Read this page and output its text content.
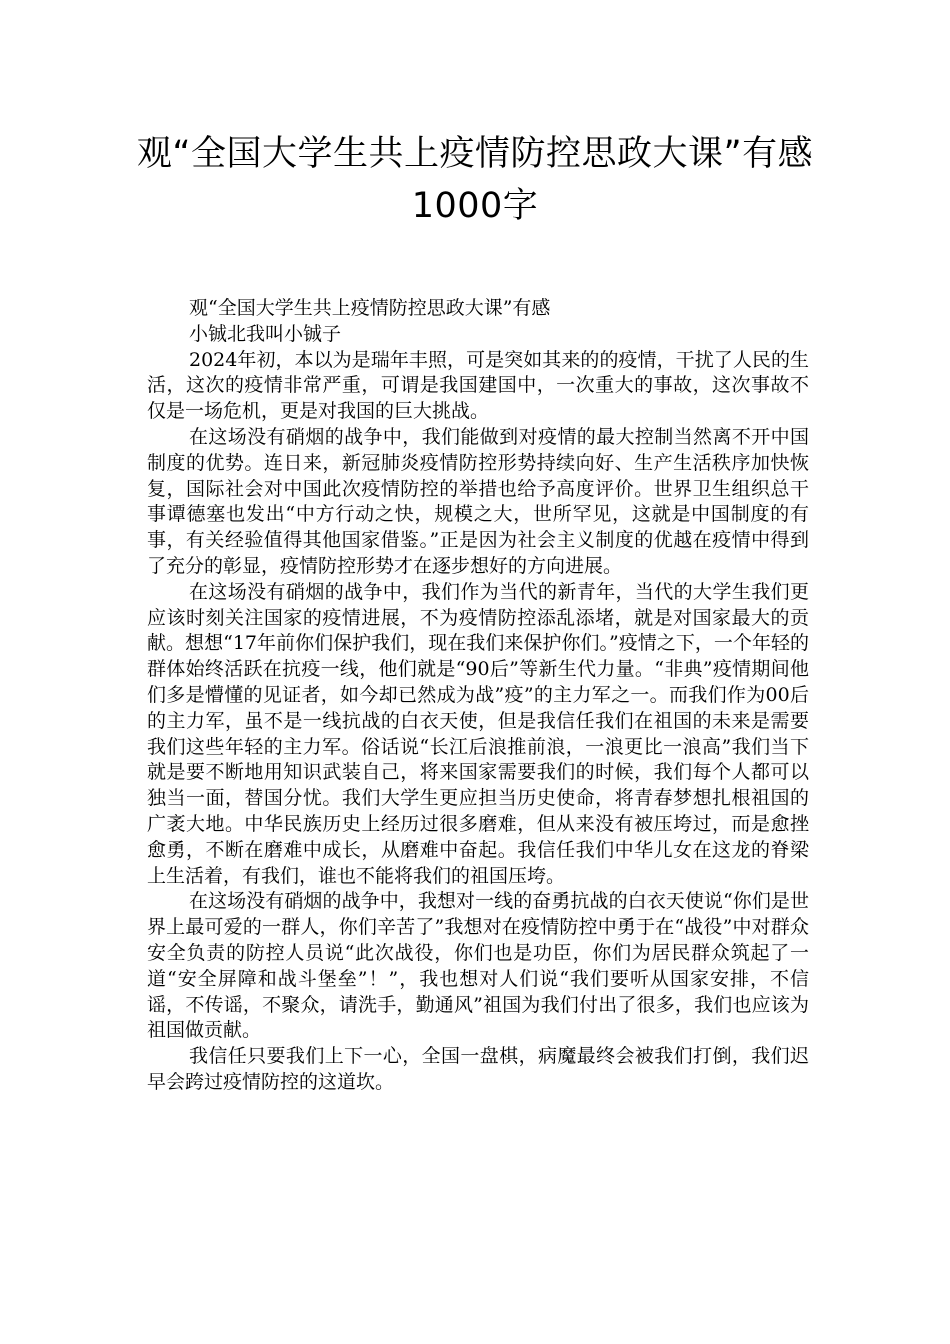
观“全国大学生共上疫情防控思政大课”有感 1000字

观“全国大学生共上疫情防控思政大课”有感

小铖北我叫小铖子

2024年初，本以为是瑞年丰照，可是突如其来的的疫情，干扰了人民的生活，这次的疫情非常严重，可谓是我国建国中，一次重大的事故，这次事故不仅是一场危机，更是对我国的巨大挑战。

在这场没有硝烟的战争中，我们能做到对疫情的最大控制当然离不开中国制度的优势。连日来，新冠肺炎疫情防控形势持续向好、生产生活秩序加快恢复，国际社会对中国此次疫情防控的举措也给予高度评价。世界卫生组织总干事谭德塞也发出“中方行动之快，规模之大，世所罕见，这就是中国制度的有事，有关经验值得其他国家借鉴。”正是因为社会主义制度的优越在疫情中得到了充分的彰显，疫情防控形势才在逐步想好的方向进展。

在这场没有硝烟的战争中，我们作为当代的新青年，当代的大学生我们更应该时刻关注国家的疫情进展，不为疫情防控添乱添堵，就是对国家最大的贡献。想想“17年前你们保护我们，现在我们来保护你们。”疫情之下，一个年轻的群体始终活跃在抗疫一线，他们就是“90后”等新生代力量。“非典”疫情期间他们多是懵懂的见证者，如今却已然成为战”疫”的主力军之一。而我们作为00后的主力军，虽不是一线抗战的白衣天使，但是我信任我们在祖国的未来是需要我们这些年轻的主力军。俗话说“长江后浪推前浪，一浪更比一浪高”我们当下就是要不断地用知识武装自己，将来国家需要我们的时候，我们每个人都可以独当一面，替国分忧。我们大学生更应担当历史使命，将青春梦想扎根祖国的广袤大地。中华民族历史上经历过很多磨难，但从来没有被压垮过，而是愈挫愈勇，不断在磨难中成长，从磨难中奋起。我信任我们中华儿女在这龙的脊梁上生活着，有我们，谁也不能将我们的祖国压垮。

在这场没有硝烟的战争中，我想对一线的奋勇抗战的白衣天使说“你们是世界上最可爱的一群人，你们辛苦了”我想对在疫情防控中勇于在“战役”中对群众安全负责的防控人员说“此次战役，你们也是功臣，你们为居民群众筑起了一道“安全屏障和战斗堡垒”！”，我也想对人们说“我们要听从国家安排，不信谣，不传谣，不聚众，请洗手，勤通风”祖国为我们付出了很多，我们也应该为祖国做贡献。

我信任只要我们上下一心，全国一盘棋，病魔最终会被我们打倒，我们迟早会跨过疫情防控的这道坎。
